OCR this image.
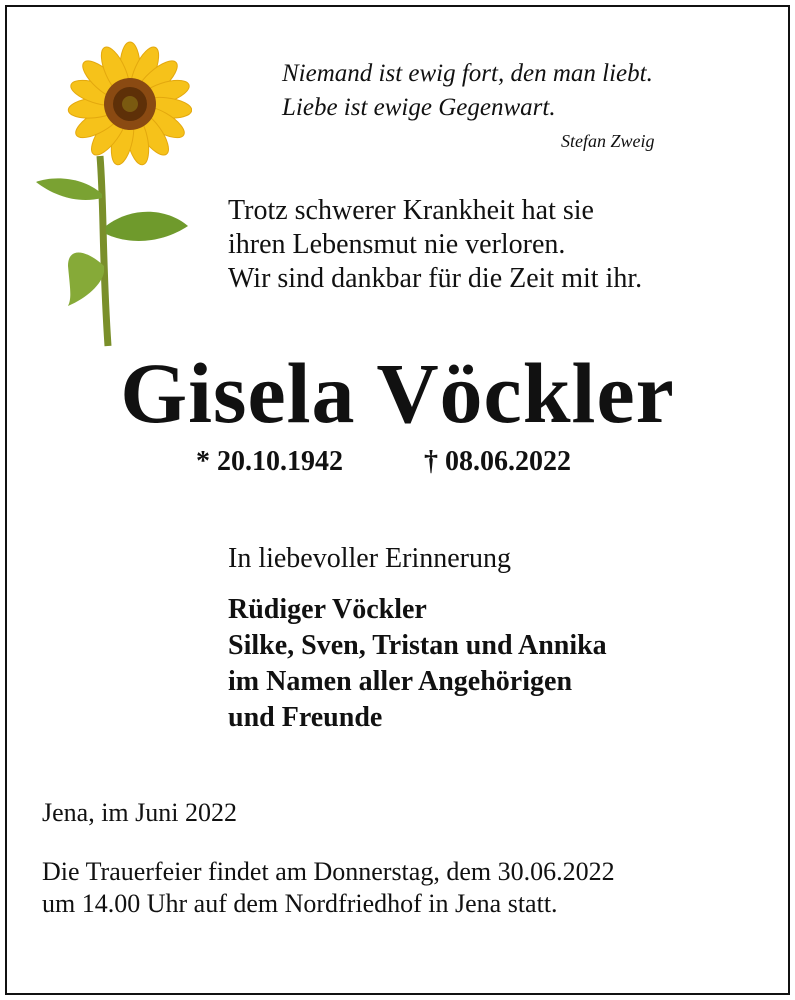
Niemand ist ewig fort, den man liebt.
Liebe ist ewige Gegenwart.
Stefan Zweig
Trotz schwerer Krankheit hat sie
ihren Lebensmut nie verloren.
Wir sind dankbar für die Zeit mit ihr.
Gisela Vöckler
* 20.10.1942	† 08.06.2022
In liebevoller Erinnerung
Rüdiger Vöckler
Silke, Sven, Tristan und Annika
im Namen aller Angehörigen
und Freunde
Jena, im Juni 2022
Die Trauerfeier findet am Donnerstag, dem 30.06.2022
um 14.00 Uhr auf dem Nordfriedhof in Jena statt.
